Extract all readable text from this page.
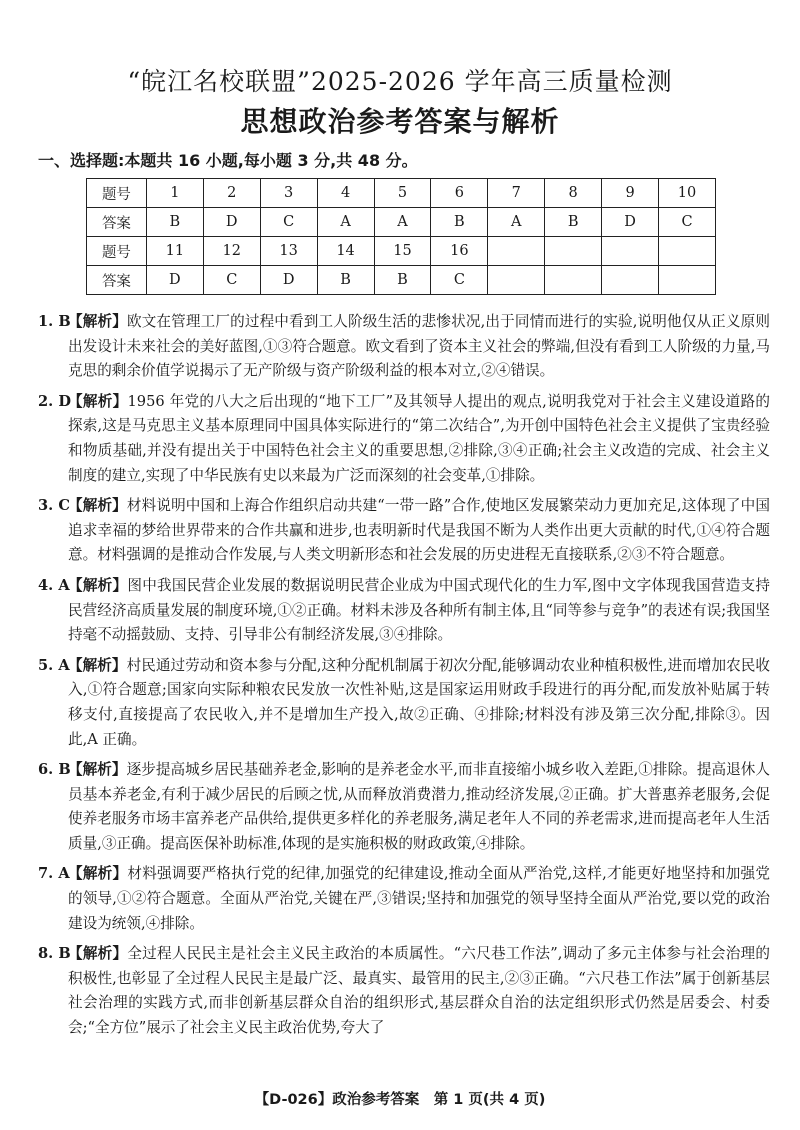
“皖江名校联盟”2025-2026 学年高三质量检测
思想政治参考答案与解析
一、选择题:本题共 16 小题,每小题 3 分,共 48 分。
题号	1	2	3	4	5	6	7	8	9	10
答案	B	D	C	A	A	B	A	B	D	C
题号	11	12	13	14	15	16				
答案	D	C	D	B	B	C				
1. B
【解析】欧文在管理工厂的过程中看到工人阶级生活的悲惨状况,出于同情而进行的实验,说明他仅从正义原则出发设计未来社会的美好蓝图,①③符合题意。欧文看到了资本主义社会的弊端,但没有看到工人阶级的力量,马克思的剩余价值学说揭示了无产阶级与资产阶级利益的根本对立,②④错误。
2. D
【解析】1956 年党的八大之后出现的“地下工厂”及其领导人提出的观点,说明我党对于社会主义建设道路的探索,这是马克思主义基本原理同中国具体实际进行的“第二次结合”,为开创中国特色社会主义提供了宝贵经验和物质基础,并没有提出关于中国特色社会主义的重要思想,②排除,③④正确;社会主义改造的完成、社会主义制度的建立,实现了中华民族有史以来最为广泛而深刻的社会变革,①排除。
3. C
【解析】材料说明中国和上海合作组织启动共建“一带一路”合作,使地区发展繁荣动力更加充足,这体现了中国追求幸福的梦给世界带来的合作共赢和进步,也表明新时代是我国不断为人类作出更大贡献的时代,①④符合题意。材料强调的是推动合作发展,与人类文明新形态和社会发展的历史进程无直接联系,②③不符合题意。
4. A
【解析】图中我国民营企业发展的数据说明民营企业成为中国式现代化的生力军,图中文字体现我国营造支持民营经济高质量发展的制度环境,①②正确。材料未涉及各种所有制主体,且“同等参与竞争”的表述有误;我国坚持毫不动摇鼓励、支持、引导非公有制经济发展,③④排除。
5. A
【解析】村民通过劳动和资本参与分配,这种分配机制属于初次分配,能够调动农业种植积极性,进而增加农民收入,①符合题意;国家向实际种粮农民发放一次性补贴,这是国家运用财政手段进行的再分配,而发放补贴属于转移支付,直接提高了农民收入,并不是增加生产投入,故②正确、④排除;材料没有涉及第三次分配,排除③。因此,A 正确。
6. B
【解析】逐步提高城乡居民基础养老金,影响的是养老金水平,而非直接缩小城乡收入差距,①排除。提高退休人员基本养老金,有利于减少居民的后顾之忧,从而释放消费潜力,推动经济发展,②正确。扩大普惠养老服务,会促使养老服务市场丰富养老产品供给,提供更多样化的养老服务,满足老年人不同的养老需求,进而提高老年人生活质量,③正确。提高医保补助标准,体现的是实施积极的财政政策,④排除。
7. A
【解析】材料强调要严格执行党的纪律,加强党的纪律建设,推动全面从严治党,这样,才能更好地坚持和加强党的领导,①②符合题意。全面从严治党,关键在严,③错误;坚持和加强党的领导坚持全面从严治党,要以党的政治建设为统领,④排除。
8. B
【解析】全过程人民民主是社会主义民主政治的本质属性。“六尺巷工作法”,调动了多元主体参与社会治理的积极性,也彰显了全过程人民民主是最广泛、最真实、最管用的民主,②③正确。“六尺巷工作法”属于创新基层社会治理的实践方式,而非创新基层群众自治的组织形式,基层群众自治的法定组织形式仍然是居委会、村委会;“全方位”展示了社会主义民主政治优势,夸大了
【D-026】政治参考答案　第 1 页(共 4 页)
